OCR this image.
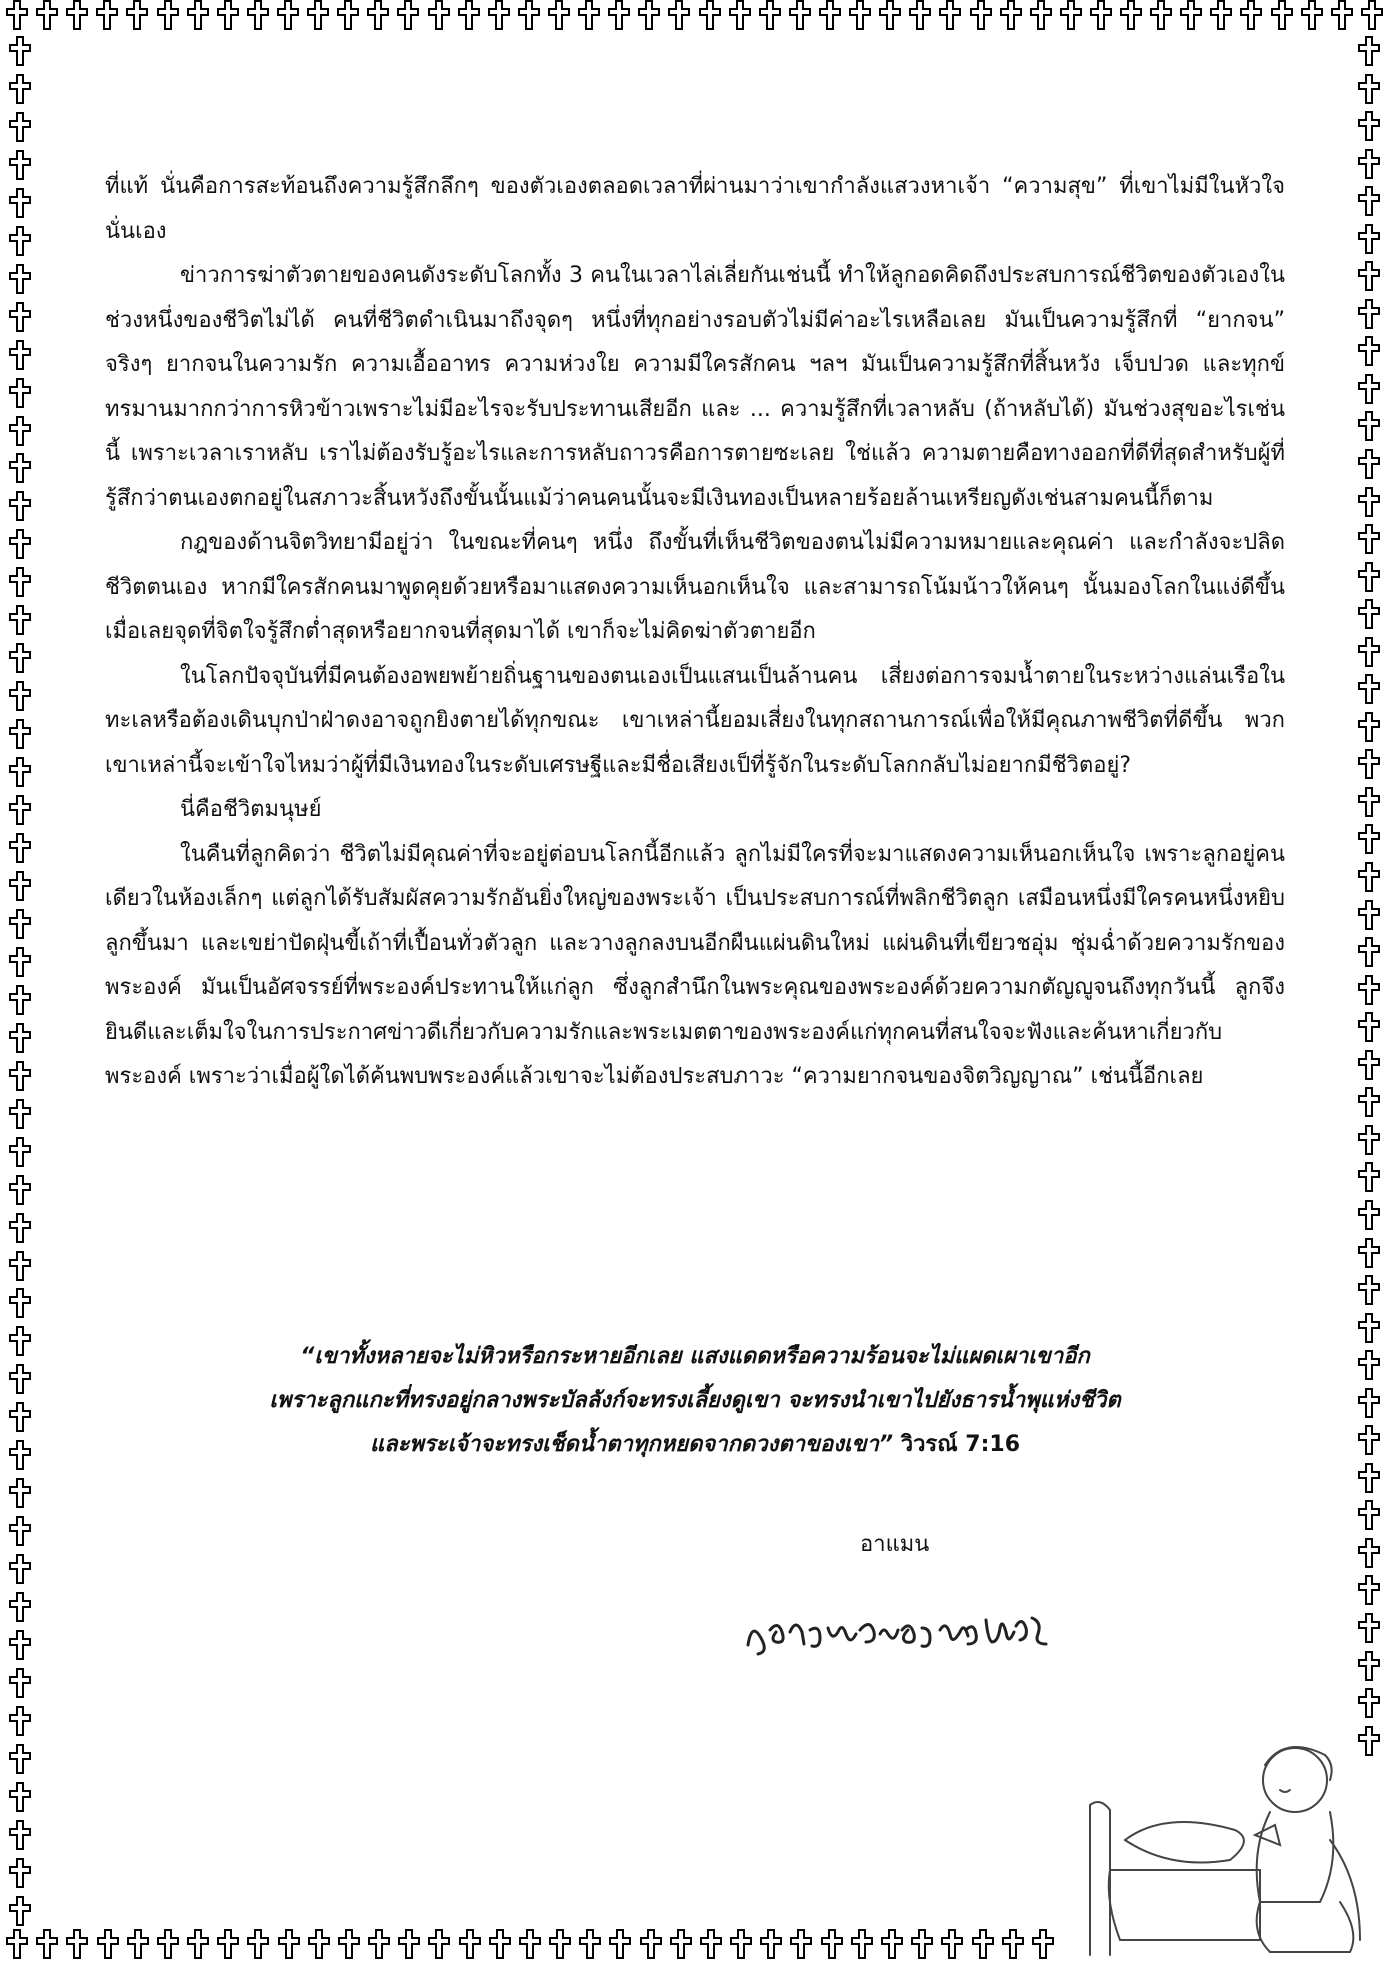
ที่แท้ นั่นคือการสะท้อนถึงความรู้สึกลึกๆ ของตัวเองตลอดเวลาที่ผ่านมาว่าเขากำลังแสวงหาเจ้า “ความสุข” ที่เขาไม่มีในหัวใจนั่นเอง

ข่าวการฆ่าตัวตายของคนดังระดับโลกทั้ง 3 คนในเวลาไล่เลี่ยกันเช่นนี้ ทำให้ลูกอดคิดถึงประสบการณ์ชีวิตของตัวเองในช่วงหนึ่งของชีวิตไม่ได้ คนที่ชีวิตดำเนินมาถึงจุดๆ หนึ่งที่ทุกอย่างรอบตัวไม่มีค่าอะไรเหลือเลย มันเป็นความรู้สึกที่ “ยากจน” จริงๆ ยากจนในความรัก ความเอื้ออาทร ความห่วงใย ความมีใครสักคน ฯลฯ มันเป็นความรู้สึกที่สิ้นหวัง เจ็บปวด และทุกข์ทรมานมากกว่าการหิวข้าวเพราะไม่มีอะไรจะรับประทานเสียอีก และ ... ความรู้สึกที่เวลาหลับ (ถ้าหลับได้) มันช่วงสุขอะไรเช่นนี้ เพราะเวลาเราหลับ เราไม่ต้องรับรู้อะไรและการหลับถาวรคือการตายซะเลย ใช่แล้ว ความตายคือทางออกที่ดีที่สุดสำหรับผู้ที่รู้สึกว่าตนเองตกอยู่ในสภาวะสิ้นหวังถึงขั้นนั้นแม้ว่าคนคนนั้นจะมีเงินทองเป็นหลายร้อยล้านเหรียญดังเช่นสามคนนี้ก็ตาม

กฎของด้านจิตวิทยามีอยู่ว่า ในขณะที่คนๆ หนึ่ง ถึงขั้นที่เห็นชีวิตของตนไม่มีความหมายและคุณค่า และกำลังจะปลิดชีวิตตนเอง หากมีใครสักคนมาพูดคุยด้วยหรือมาแสดงความเห็นอกเห็นใจ และสามารถโน้มน้าวให้คนๆ นั้นมองโลกในแง่ดีขึ้น เมื่อเลยจุดที่จิตใจรู้สึกต่ำสุดหรือยากจนที่สุดมาได้ เขาก็จะไม่คิดฆ่าตัวตายอีก

ในโลกปัจจุบันที่มีคนต้องอพยพย้ายถิ่นฐานของตนเองเป็นแสนเป็นล้านคน เสี่ยงต่อการจมน้ำตายในระหว่างแล่นเรือในทะเลหรือต้องเดินบุกป่าฝ่าดงอาจถูกยิงตายได้ทุกขณะ เขาเหล่านี้ยอมเสี่ยงในทุกสถานการณ์เพื่อให้มีคุณภาพชีวิตที่ดีขึ้น พวกเขาเหล่านี้จะเข้าใจไหมว่าผู้ที่มีเงินทองในระดับเศรษฐีและมีชื่อเสียงเป็ที่รู้จักในระดับโลกกลับไม่อยากมีชีวิตอยู่?

นี่คือชีวิตมนุษย์

ในคืนที่ลูกคิดว่า ชีวิตไม่มีคุณค่าที่จะอยู่ต่อบนโลกนี้อีกแล้ว ลูกไม่มีใครที่จะมาแสดงความเห็นอกเห็นใจ เพราะลูกอยู่คนเดียวในห้องเล็กๆ แต่ลูกได้รับสัมผัสความรักอันยิ่งใหญ่ของพระเจ้า เป็นประสบการณ์ที่พลิกชีวิตลูก เสมือนหนึ่งมีใครคนหนึ่งหยิบลูกขึ้นมา และเขย่าปัดฝุ่นขี้เถ้าที่เปื้อนทั่วตัวลูก และวางลูกลงบนอีกผืนแผ่นดินใหม่ แผ่นดินที่เขียวชอุ่ม ชุ่มฉ่ำด้วยความรักของพระองค์ มันเป็นอัศจรรย์ที่พระองค์ประทานให้แก่ลูก ซึ่งลูกสำนึกในพระคุณของพระองค์ด้วยความกตัญญูจนถึงทุกวันนี้ ลูกจึงยินดีและเต็มใจในการประกาศข่าวดีเกี่ยวกับความรักและพระเมตตาของพระองค์แก่ทุกคนที่สนใจจะฟังและค้นหาเกี่ยวกับพระองค์ เพราะว่าเมื่อผู้ใดได้ค้นพบพระองค์แล้วเขาจะไม่ต้องประสบภาวะ “ความยากจนของจิตวิญญาณ” เช่นนี้อีกเลย

“เขาทั้งหลายจะไม่หิวหรือกระหายอีกเลย แสงแดดหรือความร้อนจะไม่แผดเผาเขาอีก
เพราะลูกแกะที่ทรงอยู่กลางพระบัลลังก์จะทรงเลี้ยงดูเขา จะทรงนำเขาไปยังธารน้ำพุแห่งชีวิต
และพระเจ้าจะทรงเช็ดน้ำตาทุกหยดจากดวงตาของเขา” วิวรณ์ 7:16
อาแมน
